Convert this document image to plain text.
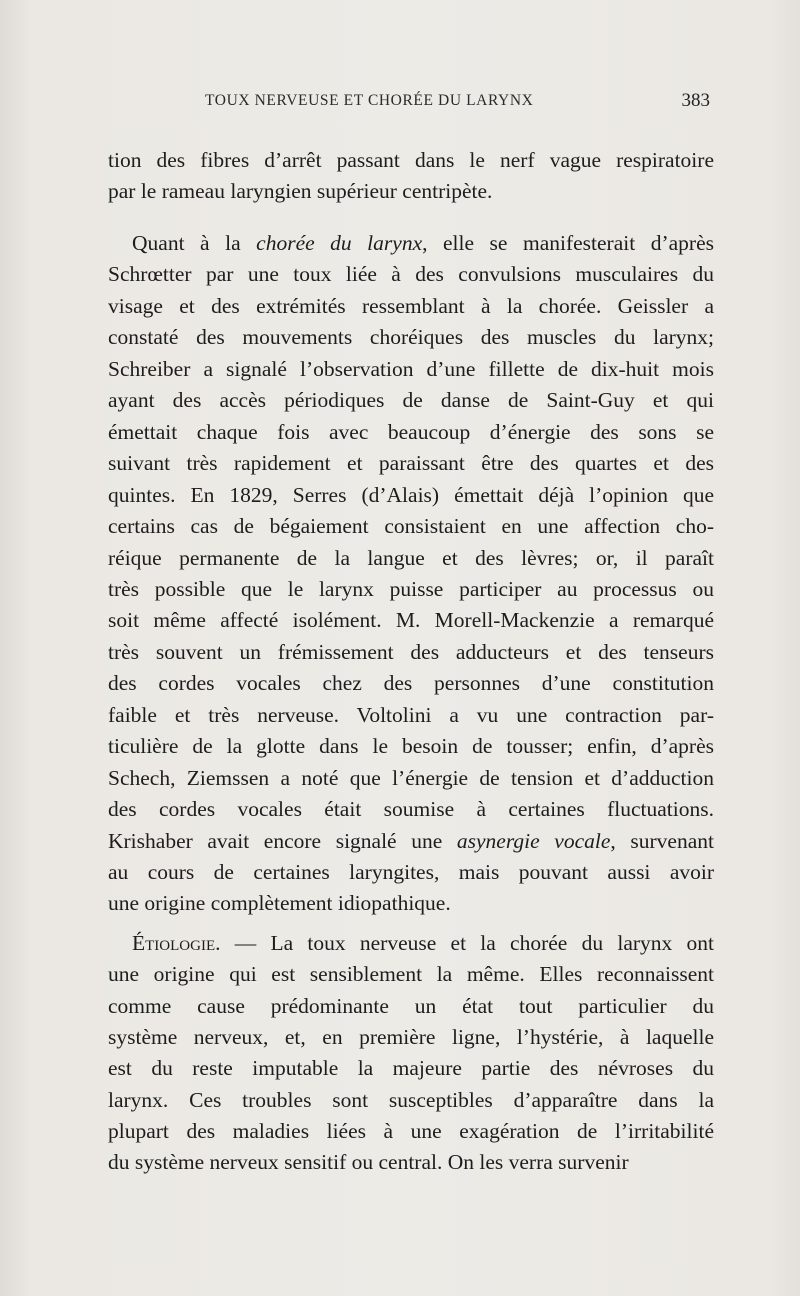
TOUX NERVEUSE ET CHORÉE DU LARYNX	383
tion des fibres d’arrêt passant dans le nerf vague respiratoire
par le rameau laryngien supérieur centripète.
Quant à la chorée du larynx, elle se manifesterait d’après
Schrœtter par une toux liée à des convulsions musculaires du
visage et des extrémités ressemblant à la chorée. Geissler a
constaté des mouvements choréiques des muscles du larynx;
Schreiber a signalé l’observation d’une fillette de dix-huit mois
ayant des accès périodiques de danse de Saint-Guy et qui
émettait chaque fois avec beaucoup d’énergie des sons se
suivant très rapidement et paraissant être des quartes et des
quintes. En 1829, Serres (d’Alais) émettait déjà l’opinion que
certains cas de bégaiement consistaient en une affection cho-
réique permanente de la langue et des lèvres; or, il paraît
très possible que le larynx puisse participer au processus ou
soit même affecté isolément. M. Morell-Mackenzie a remarqué
très souvent un frémissement des adducteurs et des tenseurs
des cordes vocales chez des personnes d’une constitution
faible et très nerveuse. Voltolini a vu une contraction par-
ticulière de la glotte dans le besoin de tousser; enfin, d’après
Schech, Ziemssen a noté que l’énergie de tension et d’adduction
des cordes vocales était soumise à certaines fluctuations.
Krishaber avait encore signalé une asynergie vocale, survenant
au cours de certaines laryngites, mais pouvant aussi avoir
une origine complètement idiopathique.
Étiologie. — La toux nerveuse et la chorée du larynx ont
une origine qui est sensiblement la même. Elles reconnaissent
comme cause prédominante un état tout particulier du
système nerveux, et, en première ligne, l’hystérie, à laquelle
est du reste imputable la majeure partie des névroses du
larynx. Ces troubles sont susceptibles d’apparaître dans la
plupart des maladies liées à une exagération de l’irritabilité
du système nerveux sensitif ou central. On les verra survenir
